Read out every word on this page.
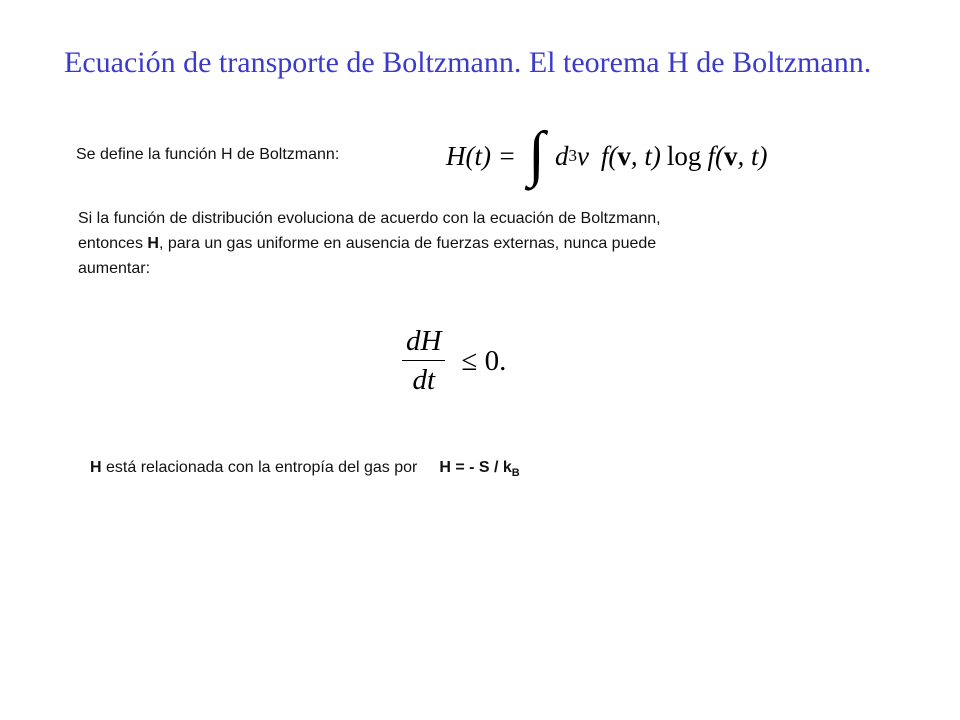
Ecuación de transporte de Boltzmann. El teorema H de Boltzmann.
Se define la función H de Boltzmann:	H(t) = ∫ d 3 v f( v , t) log f( v , t)

Si la función de distribución evoluciona de acuerdo con la ecuación de Boltzmann,

entonces H, para un gas uniforme en ausencia de fuerzas externas, nunca puede

aumentar:

$\frac{dH}{dt} \le 0$.
H está relacionada con la entropía del gas por H = - S / $k_B$
